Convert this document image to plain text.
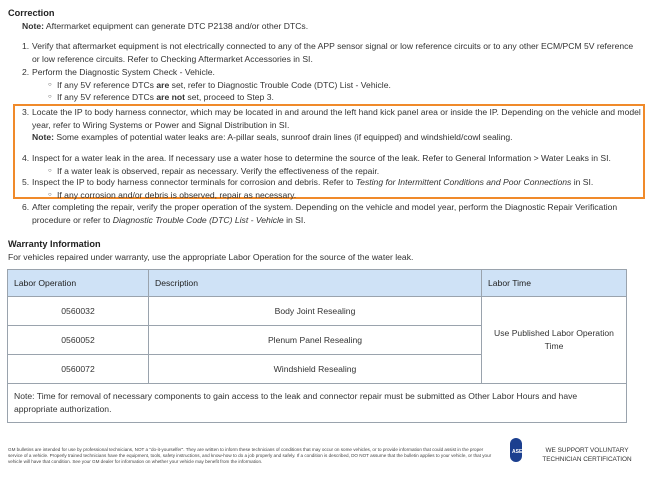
Correction
Note: Aftermarket equipment can generate DTC P2138 and/or other DTCs.
1. Verify that aftermarket equipment is not electrically connected to any of the APP sensor signal or low reference circuits or to any other ECM/PCM 5V reference or low reference circuits. Refer to Checking Aftermarket Accessories in SI.
2. Perform the Diagnostic System Check - Vehicle.
○ If any 5V reference DTCs are set, refer to Diagnostic Trouble Code (DTC) List - Vehicle.
○ If any 5V reference DTCs are not set, proceed to Step 3.
3. Locate the IP to body harness connector, which may be located in and around the left hand kick panel area or inside the IP. Depending on the vehicle and model year, refer to Wiring Systems or Power and Signal Distribution in SI.
Note: Some examples of potential water leaks are: A-pillar seals, sunroof drain lines (if equipped) and windshield/cowl sealing.
4. Inspect for a water leak in the area. If necessary use a water hose to determine the source of the leak. Refer to General Information > Water Leaks in SI.
○ If a water leak is observed, repair as necessary. Verify the effectiveness of the repair.
5. Inspect the IP to body harness connector terminals for corrosion and debris. Refer to Testing for Intermittent Conditions and Poor Connections in SI.
○ If any corrosion and/or debris is observed, repair as necessary.
6. After completing the repair, verify the proper operation of the system. Depending on the vehicle and model year, perform the Diagnostic Repair Verification procedure or refer to Diagnostic Trouble Code (DTC) List - Vehicle in SI.
Warranty Information
For vehicles repaired under warranty, use the appropriate Labor Operation for the source of the water leak.
Labor Operation	Description	Labor Time
0560032	Body Joint Resealing	Use Published Labor Operation Time
0560052	Plenum Panel Resealing	
0560072	Windshield Resealing	
Note: Time for removal of necessary components to gain access to the leak and connector repair must be submitted as Other Labor Hours and have appropriate authorization.		
GM bulletins are intended for use by professional technicians, NOT a "do-it-yourselfer". They are written to inform these technicians of conditions that may occur on some vehicles, or to provide information that could assist in the proper service of a vehicle. Properly trained technicians have the equipment, tools, safety instructions, and know-how to do a job properly and safely. If a condition is described, DO NOT assume that the bulletin applies to your vehicle, or that your vehicle will have that condition. See your GM dealer for information on whether your vehicle may benefit from the information.
ASE	WE SUPPORT VOLUNTARY
TECHNICIAN CERTIFICATION
